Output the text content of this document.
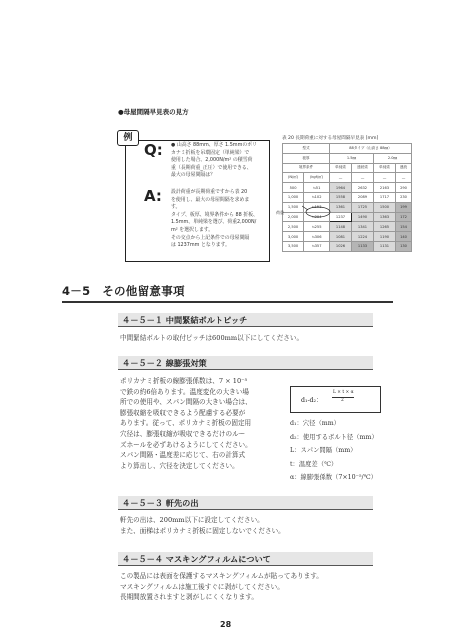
●母屋間隔早見表の見方
例
Q: ● 山高さ 88mm、厚さ 1.5mmのポリ
カナミ折板を吊環固定（単純梁）で
使用した場合、2,000N/m² の積雪荷
重（長期荷重_正圧）で使用できる、
最大の母屋間隔は？
A: 設計荷重が長期荷重ですから表 20
を使用し、最大の母屋間隔を求めま
す。
タイプ、板厚、境界条件から 88 折板、
1.5mm、単純梁を選び、荷重2,000N/
m² を選択します。
その交点から上記条件での母屋間隔
は 1237mm となります。
表 20 長期荷重に対する母屋間隔早見表 [mm]
型式		88タイプ（山高さ 88㎜）			
板厚		1.5㎜		2.0㎜	
境界条件		単純梁	連続梁	単純梁	連続
(N/㎡)	(kgf/㎡)	—	—	—	—
500	≒51	1964	2632	2163	290
1,000	≒102	1558	2089	1717	230
1,500	≒153	1361	1725	1500	199
2,000	≒204	1237	1490	1363	172
2,500	≒255	1148	1341	1265	154
3,000	≒306	1081	1224	1190	140
3,500	≒357	1026	1133	1131	130
荷重
4－5　その他留意事項
４－５－１ 中間緊結ボルトピッチ
中間緊結ボルトの取付ピッチは600mm以下にしてください。
４－５－２ 線膨張対策
ポリカナミ折板の線膨張係数は、7 × 10⁻⁵
で鉄の約6倍あります。温度変化の大きい場
所での使用や、スパン間隔の大きい場合は、
膨張収縮を吸収できるよう配慮する必要が
あります。従って、ポリカナミ折板の固定用
穴径は、膨張収縮が吸収できるだけのルー
ズホールを必ずあけるようにしてください。
スパン間隔・温度差に応じて、右の計算式
より算出し、穴径を決定してください。
d₁-d₂：
L × t × α
2
d₁：穴径（mm）
d₂：使用するボルト径（mm）
L：スパン間隔（mm）
t：温度差（℃）
α：線膨張係数（7×10⁻⁵/℃）
４－５－３ 軒先の出
軒先の出は、200mm以下に設定してください。
また、面梯はポリカナミ折板に固定しないでください。
４－５－４ マスキングフィルムについて
この製品には表面を保護するマスキングフィルムが貼ってあります。
マスキングフィルムは施工後すぐに剥がしてください。
長期間放置されますと剥がしにくくなります。
28
